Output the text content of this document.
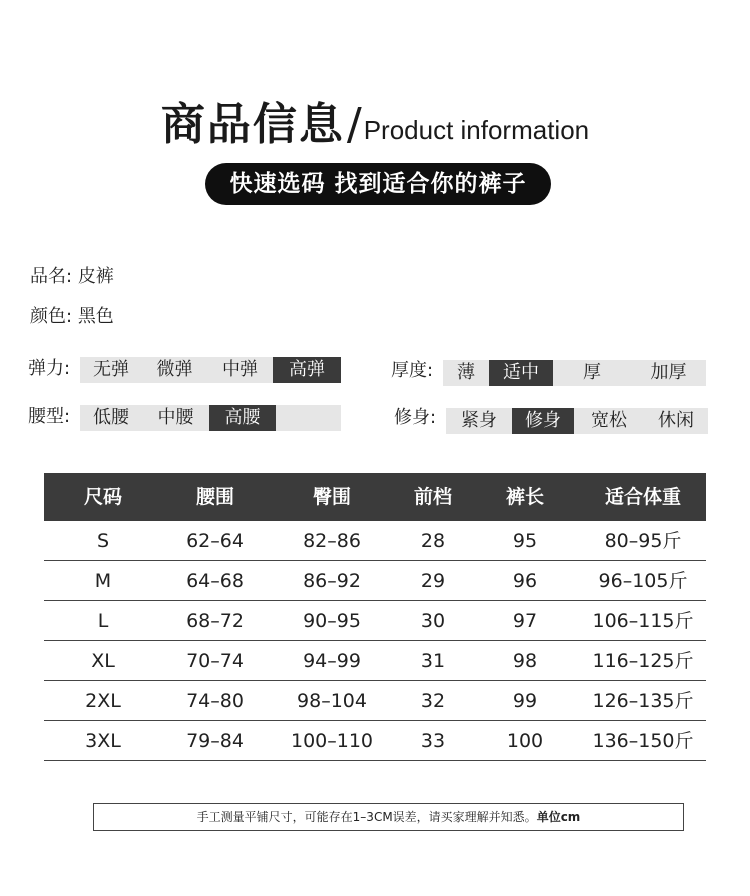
商品信息/Product information
快速选码 找到适合你的裤子
品名: 皮裤
颜色: 黑色
弹力:	无弹	微弹	中弹	高弹	厚度:	薄	适中	厚	加厚
腰型:	低腰	中腰	高腰	修身:	紧身	修身	宽松	休闲
尺码	腰围	臀围	前档	裤长	适合体重
S	62–64	82–86	28	95	80–95斤
M	64–68	86–92	29	96	96–105斤
L	68–72	90–95	30	97	106–115斤
XL	70–74	94–99	31	98	116–125斤
2XL	74–80	98–104	32	99	126–135斤
3XL	79–84	100–110	33	100	136–150斤
手工测量平铺尺寸，可能存在1–3CM误差，请买家理解并知悉。单位cm
